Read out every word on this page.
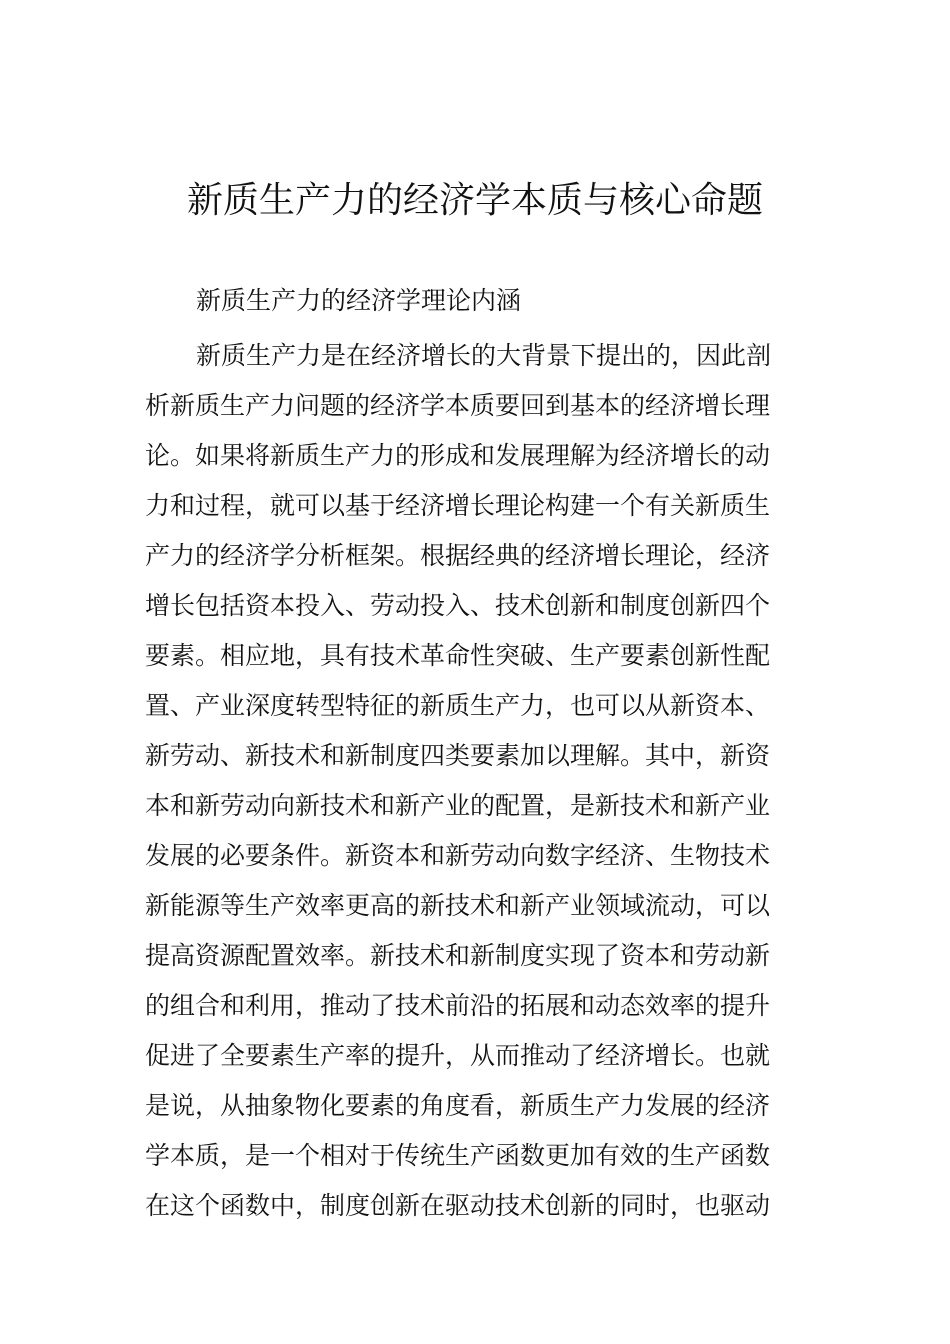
新质生产力的经济学本质与核心命题

新质生产力的经济学理论内涵

新质生产力是在经济增长的大背景下提出的，因此剖
析新质生产力问题的经济学本质要回到基本的经济增长理
论。如果将新质生产力的形成和发展理解为经济增长的动
力和过程，就可以基于经济增长理论构建一个有关新质生
产力的经济学分析框架。根据经典的经济增长理论，经济
增长包括资本投入、劳动投入、技术创新和制度创新四个
要素。相应地，具有技术革命性突破、生产要素创新性配
置、产业深度转型特征的新质生产力，也可以从新资本、
新劳动、新技术和新制度四类要素加以理解。其中，新资
本和新劳动向新技术和新产业的配置，是新技术和新产业
发展的必要条件。新资本和新劳动向数字经济、生物技术
新能源等生产效率更高的新技术和新产业领域流动，可以
提高资源配置效率。新技术和新制度实现了资本和劳动新
的组合和利用，推动了技术前沿的拓展和动态效率的提升
促进了全要素生产率的提升，从而推动了经济增长。也就
是说，从抽象物化要素的角度看，新质生产力发展的经济
学本质，是一个相对于传统生产函数更加有效的生产函数
在这个函数中，制度创新在驱动技术创新的同时，也驱动
